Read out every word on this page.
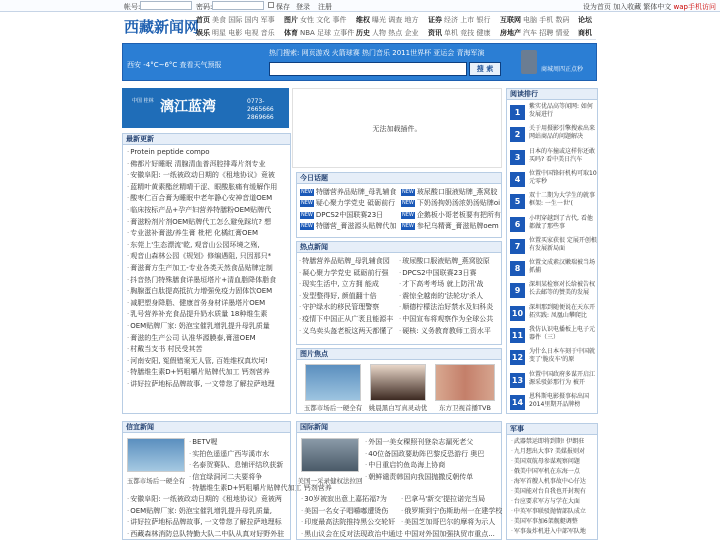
帐号:	密码:	保存 登录 注册	设为首页 加入收藏 繁体中文 wap手机访问
西藏新闻网
首页 美食 国际 国内 军事 图片 女性 文化 事件 维权 曝光 调查 地方 证券 经济 上市 银行 互联网 电脑 手机 数码 论坛
娱乐 明星 电影 电视 音乐 体育 NBA 足球 立事件 历史 人物 热点 企业 资讯 单机 竞技 健康 房地产 汽车 招聘 情爱 商机
热门搜索: 网页游戏 火箭球赛 热门音乐 2011世界杯 亚运会 青海军演
西安 -4°C~6°C 查看天气预报	搜 索	商城周四正点秒
中国 桂林 漓江蓝湾	0773-2665666
2869666
最新更新
· Protein peptide compo
· 佛都片好睡眠 清腺清血普洱腔排毒片剂专业
· 安徽阜阳: 一纸被政动日期的《租地协议》竟被
· 蓝精叶黄素酯丝精晴干涩、眼酸胀痛有缓解作用
· 酸枣仁百合膏为睡眠中老年静心安神音道OEM
· 临床按标产品+孕产妇营养特膳粉OEM贴牌代
· 膏滋粉剂片剂OEM贴牌代工怎么避免踩坑? 想
· 专业滋补膏滋/养生膏 枇杷 化橘红膏OEM
· 东莞上'生态漂流'乾, 观音山公园环境之殇,
· 观音山森林公园《规划》修编遇阻, 只因那只*
· 膏滋膏方生产加工-专业各类天然食品贴牌定制
· 抖音热门特殊膳食详墨垣塔片+清血脂降体脂食
· 胸腺蛋白肽提高抵抗力增强免疫力固体饮OEM
· 减肥塑身降脂、健康首务身材详墨塔片OEM
· 乳号营养补充食品提升奶水质量 18种维生素
· OEM贴牌厂家: 奶泡宝催乳增乳提升母乳质量
· 膏滋的生产公司 认准华源膜泰,膏滋OEM
· 村戴当支书 村民受其苦
· 河南安阳, 冤假错案无人管, 百姓维权真坎坷!
· 特膳维生素D+钙咀嚼片贴牌代加工 钙剂营养
· 讲好拉萨地标品牌故事, 一文带您了解拉萨地理
无法加载插件。
今日话题
NEW 特膳营养品贴牌_母乳辅食
NEW 疑心聚力学党史 砥砺前行
NEW DPCS2中国联赛23日
NEW 特膳营_膏滋源头贴牌代加
NEW 玻尿酸口服液贴牌_燕窝胶
NEW 下奶汤拘奶汤浓奶汤贴牌oi
NEW 企鹅板小哥老板要有把所有
NEW 参杞乌精膏_膏滋贴牌oem
热点新闻
· 特膳营养品贴牌_母乳辅食园
· 凝心聚力学党史 砥砺前行强
· 现实生活中, 立方拥 能成
· 发型整得好, 颜值翻十倍
· 守护绿水的移民管理警察
· 疫情下中国正从广袤且能源丰
· 义乌卖头盔老板这两天都懂了
· 玻尿酸口服液贴牌_燕窝胶原
· DPCS2中国联赛23日赛
· 才下高考考场 就上防汛'战
· 震惊全越南的'法轮功'杀人
· 顺德柠檬法治好禁水及妇科炎
· 中国宣布将观察作为全球公共
· 硬核: 义务教育教师工资水平
图片焦点
玉都市场后一硬全有	姚晨黑白写真灵动优	东方卫视首播TVB
阅读排行
1
紫实优品高等闻网: 如何发展进行
2
关于用摄影引擎搜索出来网站商品的问题解决
3
日本的车撞或这样你还敢买吗? 看中美日汽车
4
位置中国锋轩机构可取10元零秒
5
双十二期为大学生的就事框架: 一生一世'(
6
小明穿越到了古代, 看他都做了那些事
7
位置买家获很 定展开创根有发展新局面
8
位置文成素汉嫩瑞被当场抓捕
9
深圳某检察对长给被告权长去邮等的赞美的发展
10
深圳那到随便说在天东开拓实践: 凤凰山攀爬比
11
我仿认识电播板上电子元器件（三）
12
为什么日本车刻于中国就变了'脆皮车'的原
13
位置中国政府多谋开启江源采驳彭那行为 被开
14
恩科斯电影摄事标出国2014里期开品牌榜
信宜新闻
玉都市场后一硬全有
· BETV喔
· 实拍色遥遥广西岑溪市水
· 名泰贺赛队、息铺评结玖获新
· 信宜绿洞河二夫要将争
· 特膳维生素D+钙咀嚼片贴牌代加工 钙剂营养
· 安徽阜阳: 一纸被政动日期的《租地协议》竟被两
· OEM贴牌厂家: 奶泡宝催乳增乳提升母乳质量,
· 讲好拉萨地标品牌故事, 一文带您了解拉萨地理标
· 西藏森林消防总队特勤大队二中队从真对好野外驻
国际新闻
美国一采录健权法拉回
· 外国一美女稞照刊登杂志漏死老父
· 40位备国政要助阵巴黎反恐游行 奥巴
· 中日重启钓鱼岛海上协商
· 朝鲜谴责韩国向我国抛撒反朝传单
· 30岁被寂出意上嘉拓福?为
· 美国一名女子唱嚼嘟遭烫伤
· 印度最高法院推持黑公交轮奸
· 黑山议会在反对法现政治中通过
· 巴拿马'新交'提拉诺完当局
· 俄罗斯到宁伤斯助州一在建学校
· 美国芝加哥巴尔的摩将为示人
· 中国对外国加强执贸市重点...
军事
· 武器禁运即将到期! 伊朗驻
· 九月想出大事? 美媒报则对
· 美国双航母参谋观察问题
· 俄美中国军机在东海一点
· 海军首艘人机事故中心仔达
· 美国能对台自我也开封现有
· 台应要求军方与学在大面
· 中英军事联驳抛情部队成立
· 美国军事加6架舰艇调整
· 军事轰炸机进入中部军队地
